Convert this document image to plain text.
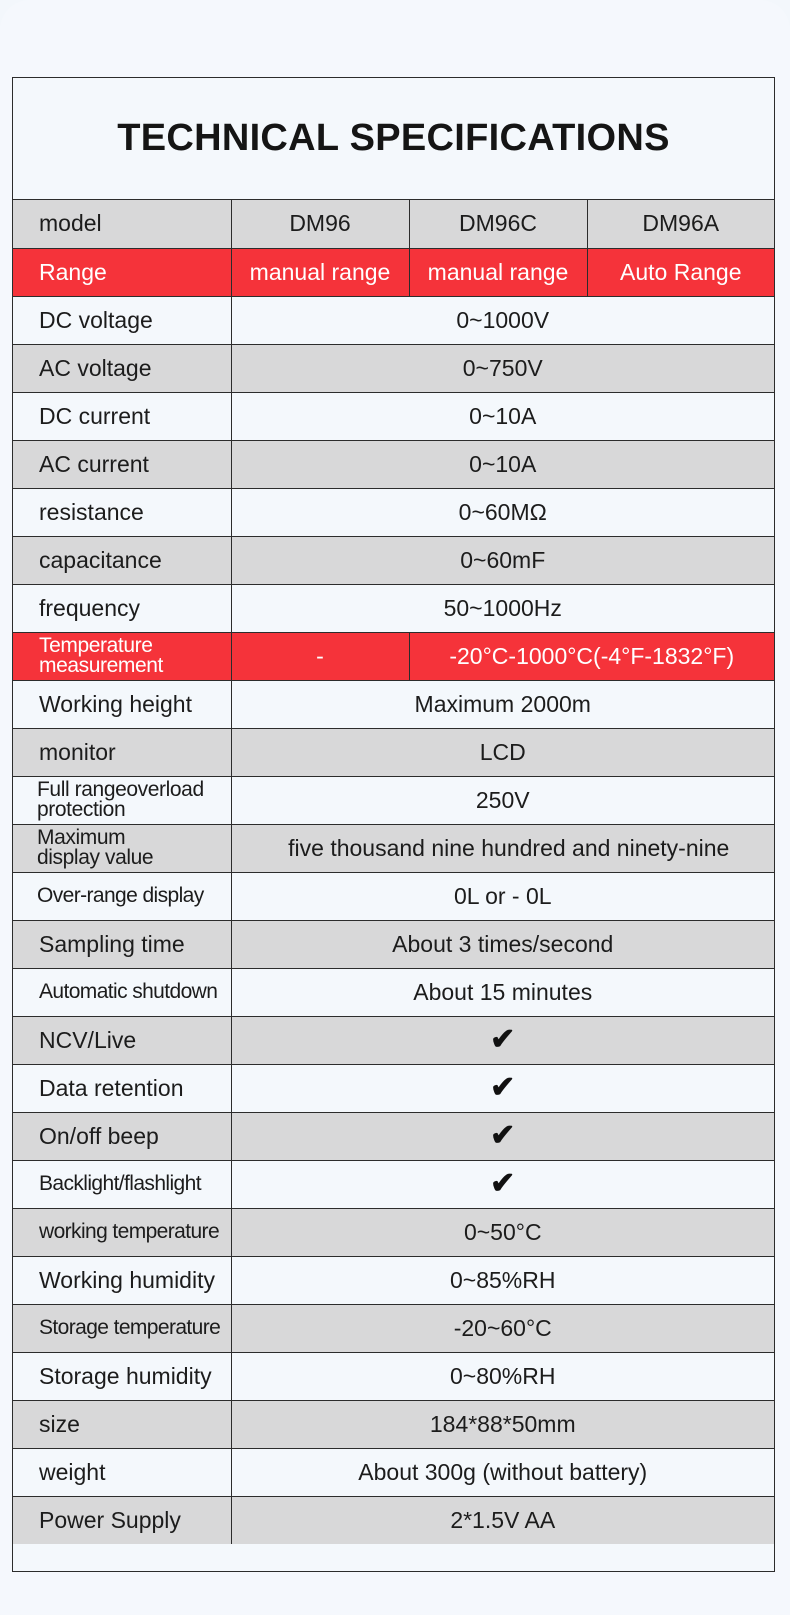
TECHNICAL SPECIFICATIONS
model	DM96	DM96C	DM96A
Range	manual range	manual range	Auto Range
DC voltage	0~1000V		
AC voltage	0~750V		
DC current	0~10A		
AC current	0~10A		
resistance	0~60MΩ		
capacitance	0~60mF		
frequency	50~1000Hz		

Temperature
measurement	-	-20°C-1000°C(-4°F-1832°F)	
Working height	Maximum 2000m		
monitor	LCD		

Full rangeoverload
protection	250V		

Maximum
display value	five thousand nine hundred and ninety-nine		
Over-range display	0L or - 0L		
Sampling time	About 3 times/second		
Automatic shutdown	About 15 minutes		
NCV/Live	✔		
Data retention	✔		
On/off beep	✔		
Backlight/flashlight	✔		
working temperature	0~50°C		
Working humidity	0~85%RH		
Storage temperature	-20~60°C		
Storage humidity	0~80%RH		
size	184*88*50mm		
weight	About 300g (without battery)		
Power Supply	2*1.5V AA		
